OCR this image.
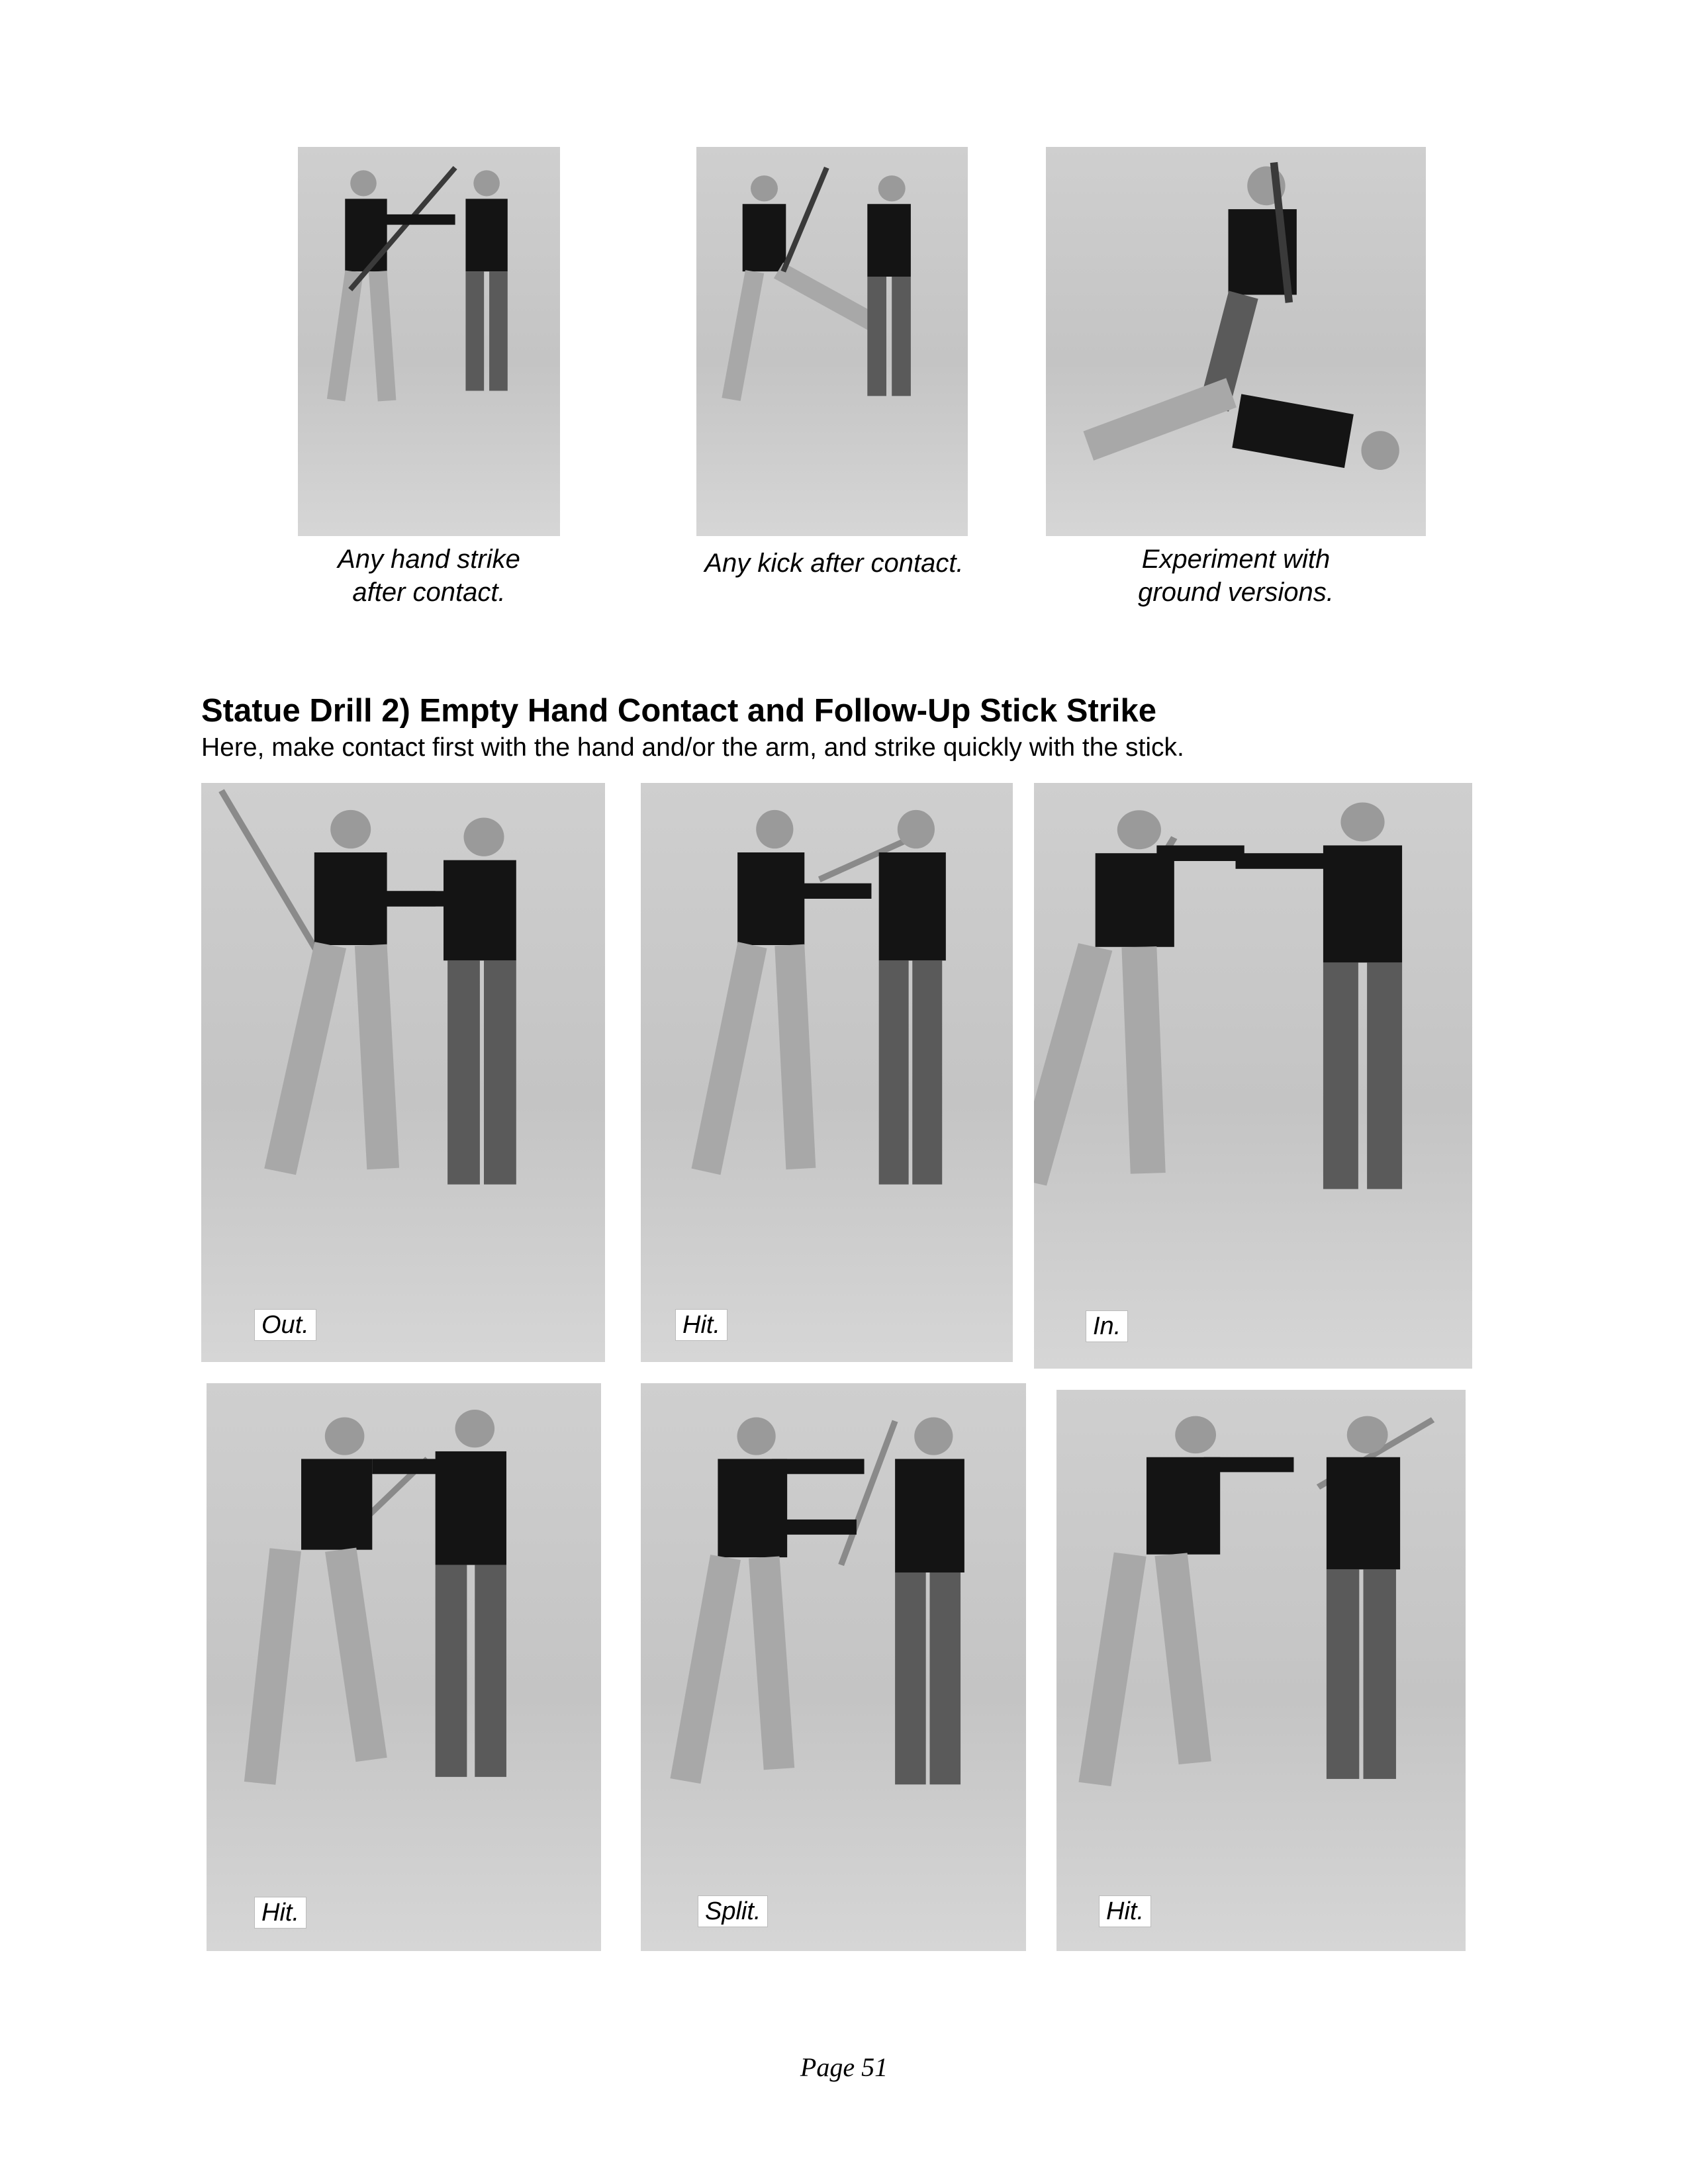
Any hand strike
after contact.
Any kick after contact.	Experiment with
ground versions.
Statue Drill 2) Empty Hand Contact and Follow-Up Stick Strike

Here, make contact first with the hand and/or the arm, and strike quickly with the stick.

Out.	Hit.	In.
Hit.	Split.	Hit.
Page 51
